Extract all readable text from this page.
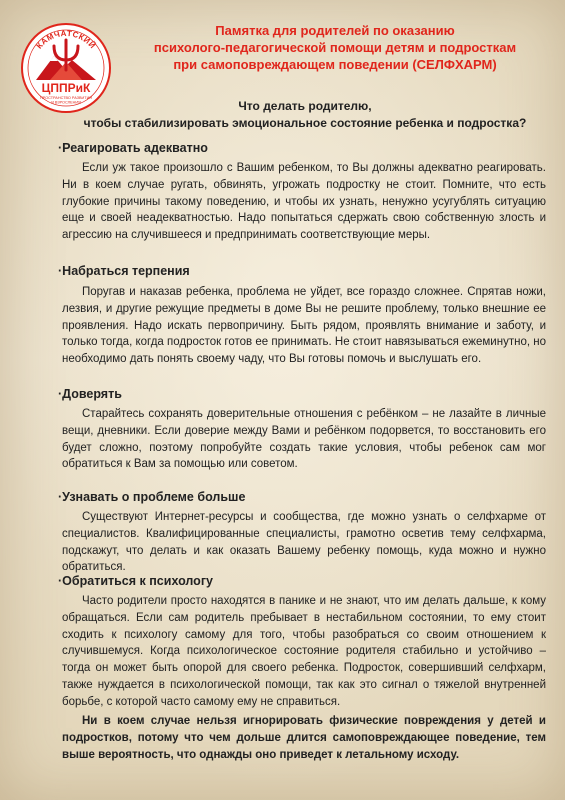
КАМЧАТСКИЙ
ЦППРиК
ПРОСТРАНСТВО РАЗВИТИЯ
И ВЗРОСЛЕНИЯ
Памятка для родителей по оказанию
психолого-педагогической помощи детям и подросткам
при самоповреждающем поведении (СЕЛФХАРМ)
Что делать родителю,
чтобы стабилизировать эмоциональное состояние ребенка и подростка?
·Реагировать адекватно

Если уж такое произошло с Вашим ребенком, то Вы должны адекватно реагировать. Ни в коем случае ругать, обвинять, угрожать подростку не стоит. Помните, что есть глубокие причины такому поведению, и чтобы их узнать, ненужно усугублять ситуацию еще и своей неадекватностью. Надо попытаться сдержать свою собственную злость и агрессию на случившееся и предпринимать соответствующие меры.

·Набраться терпения

Поругав и наказав ребенка, проблема не уйдет, все гораздо сложнее. Спрятав ножи, лезвия, и другие режущие предметы в доме Вы не решите проблему, только внешние ее проявления. Надо искать первопричину. Быть рядом, проявлять внимание и заботу, и только тогда, когда подросток готов ее принимать. Не стоит навязываться ежеминутно, но необходимо дать понять своему чаду, что Вы готовы помочь и выслушать его.

·Доверять

Старайтесь сохранять доверительные отношения с ребёнком – не лазайте в личные вещи, дневники. Если доверие между Вами и ребёнком подорвется, то восстановить его будет сложно, поэтому попробуйте создать такие условия, чтобы ребенок сам мог обратиться к Вам за помощью или советом.

·Узнавать о проблеме больше

Существуют Интернет-ресурсы и сообщества, где можно узнать о селфхарме от специалистов. Квалифицированные специалисты, грамотно осветив тему селфхарма, подскажут, что делать и как оказать Вашему ребенку помощь, куда можно и нужно обратиться.

·Обратиться к психологу

Часто родители просто находятся в панике и не знают, что им делать дальше, к кому обращаться. Если сам родитель пребывает в нестабильном состоянии, то ему стоит сходить к психологу самому для того, чтобы разобраться со своим отношением к случившемуся. Когда психологическое состояние родителя стабильно и устойчиво – тогда он может быть опорой для своего ребенка. Подросток, совершивший селфхарм, также нуждается в психологической помощи, так как это сигнал о тяжелой внутренней борьбе, с которой часто самому ему не справиться.

Ни в коем случае нельзя игнорировать физические повреждения у детей и подростков, потому что чем дольше длится самоповреждающее поведение, тем выше вероятность, что однажды оно приведет к летальному исходу.
